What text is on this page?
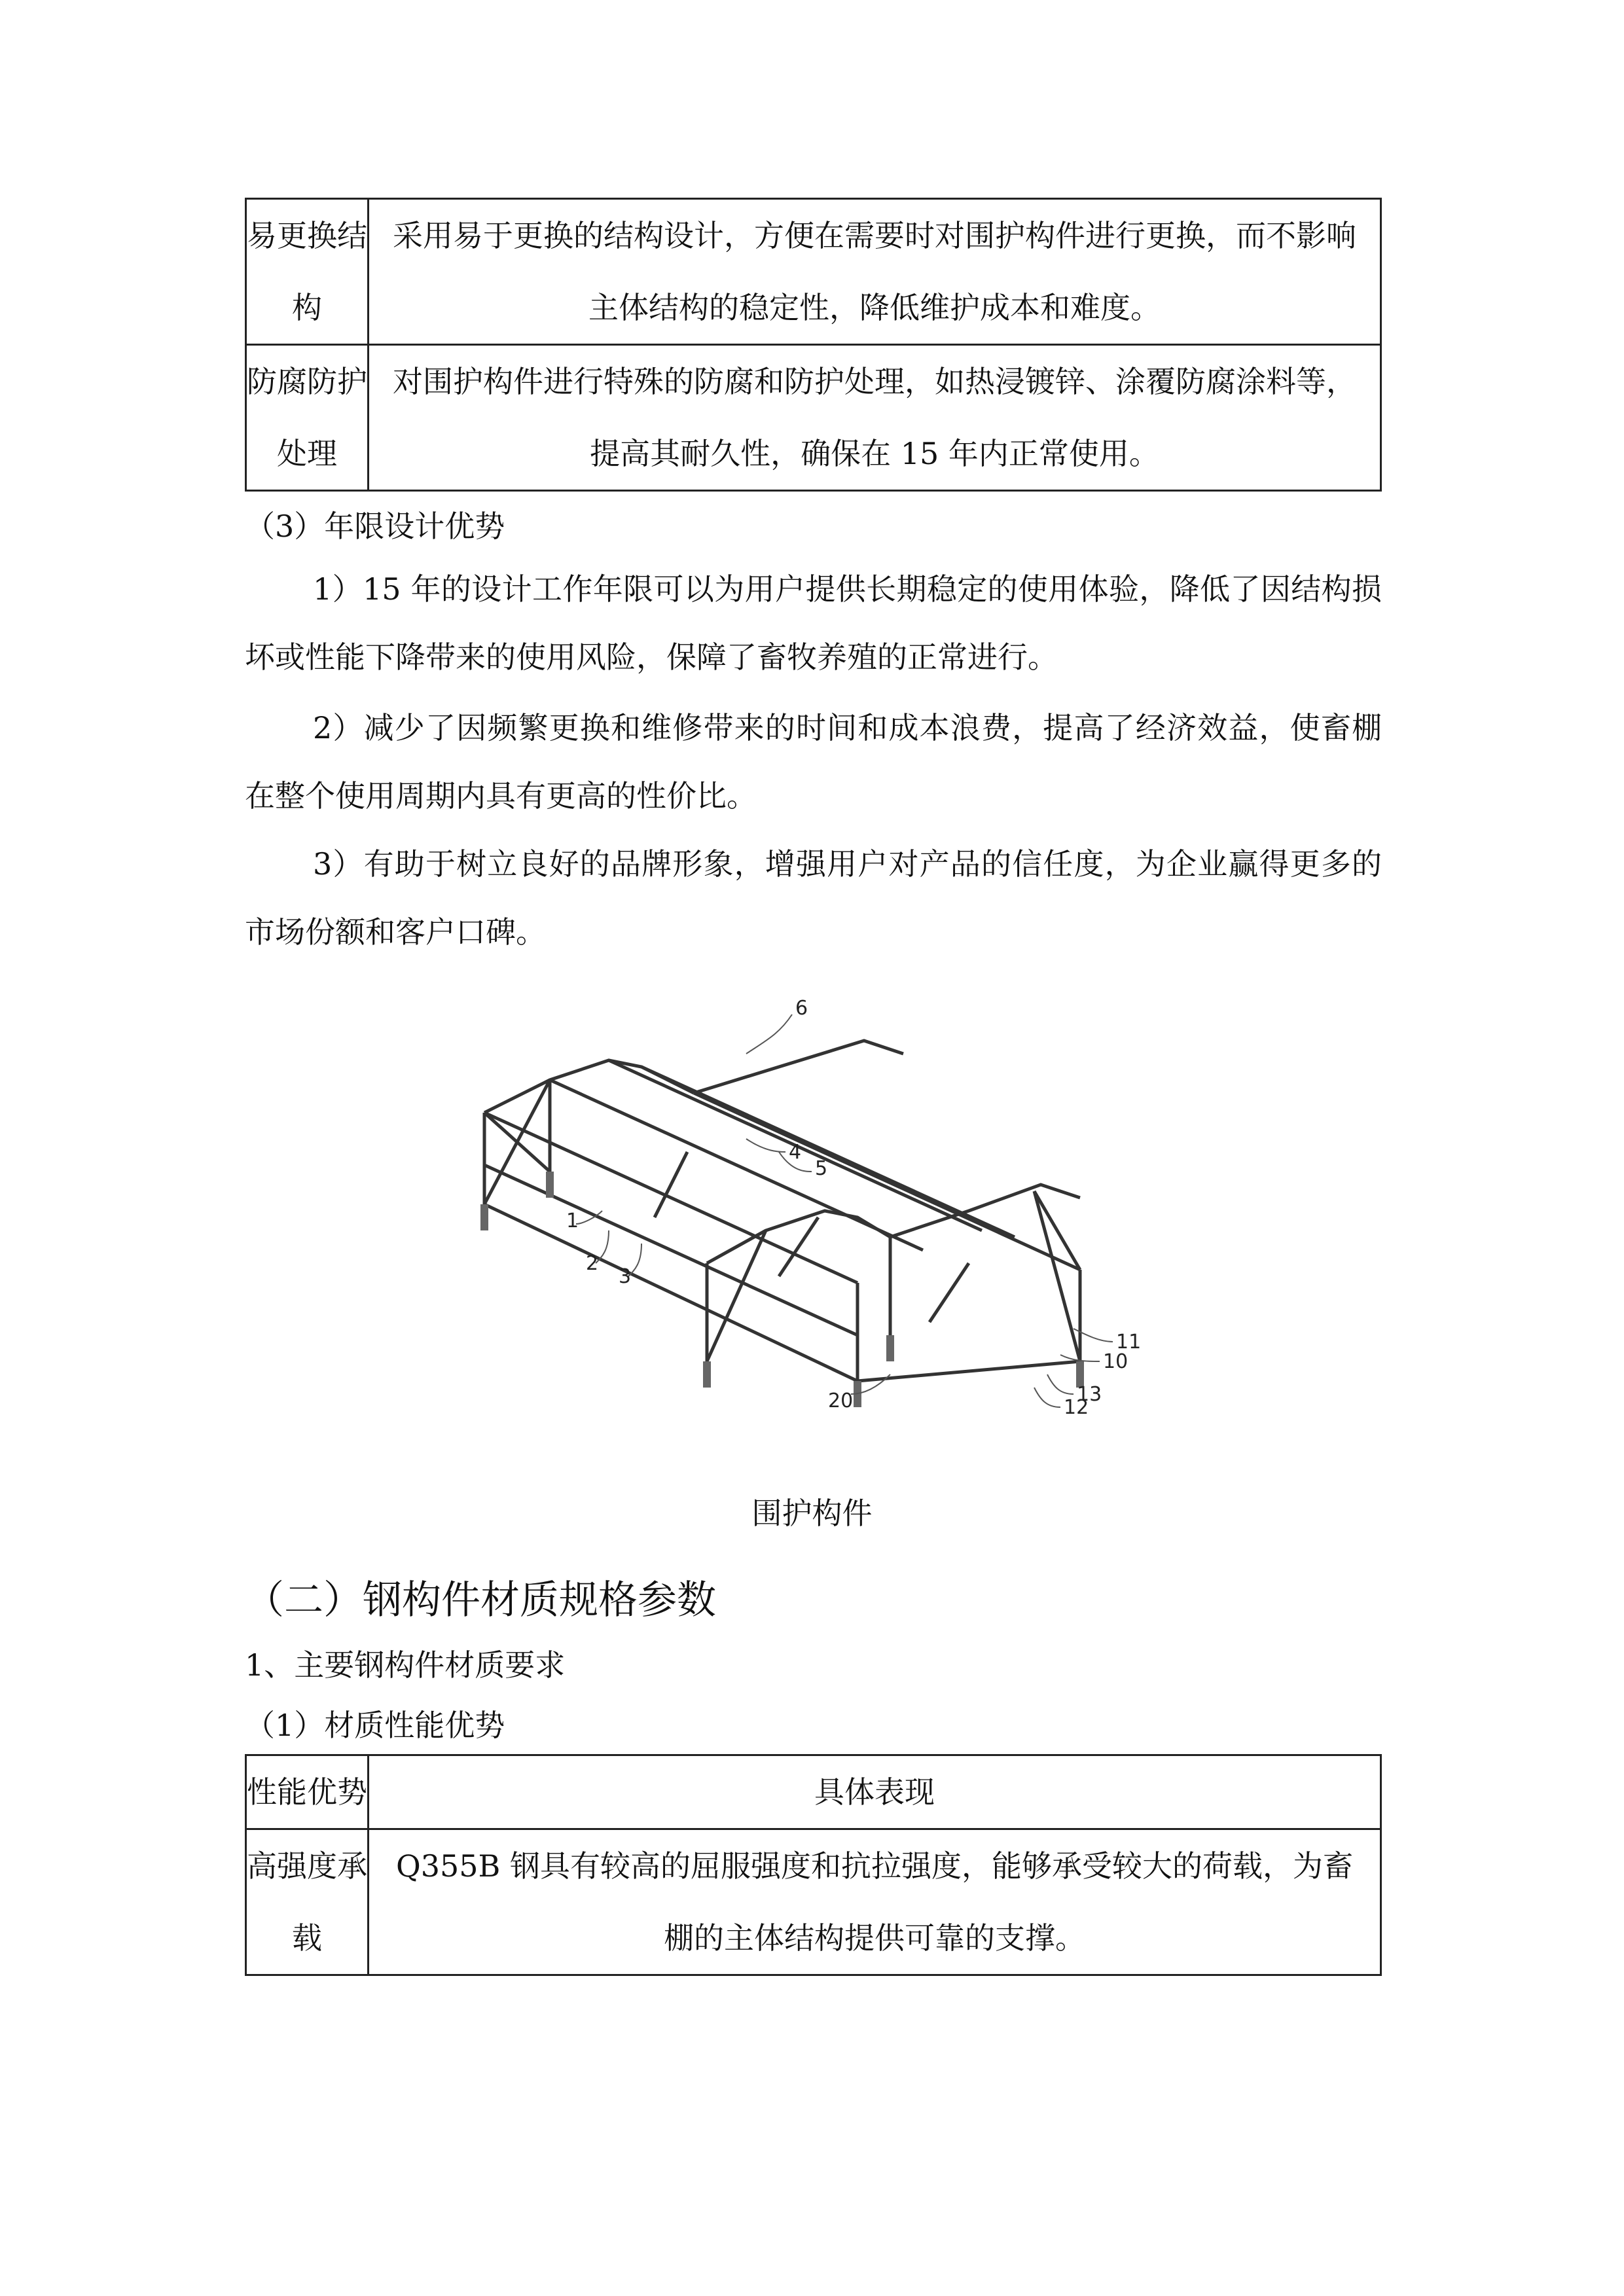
易更换结构	采用易于更换的结构设计，方便在需要时对围护构件进行更换，而不影响主体结构的稳定性，降低维护成本和难度。
防腐防护处理	对围护构件进行特殊的防腐和防护处理，如热浸镀锌、涂覆防腐涂料等，提高其耐久性，确保在 15 年内正常使用。

（3）年限设计优势

1）15 年的设计工作年限可以为用户提供长期稳定的使用体验，降低了因结构损坏或性能下降带来的使用风险，保障了畜牧养殖的正常进行。

2）减少了因频繁更换和维修带来的时间和成本浪费，提高了经济效益，使畜棚在整个使用周期内具有更高的性价比。

3）有助于树立良好的品牌形象，增强用户对产品的信任度，为企业赢得更多的市场份额和客户口碑。

1
2
3
4
5
6
10
11
12
13
20

围护构件

（二）钢构件材质规格参数

1、主要钢构件材质要求

（1）材质性能优势

性能优势	具体表现
高强度承载	Q355B 钢具有较高的屈服强度和抗拉强度，能够承受较大的荷载，为畜棚的主体结构提供可靠的支撑。
